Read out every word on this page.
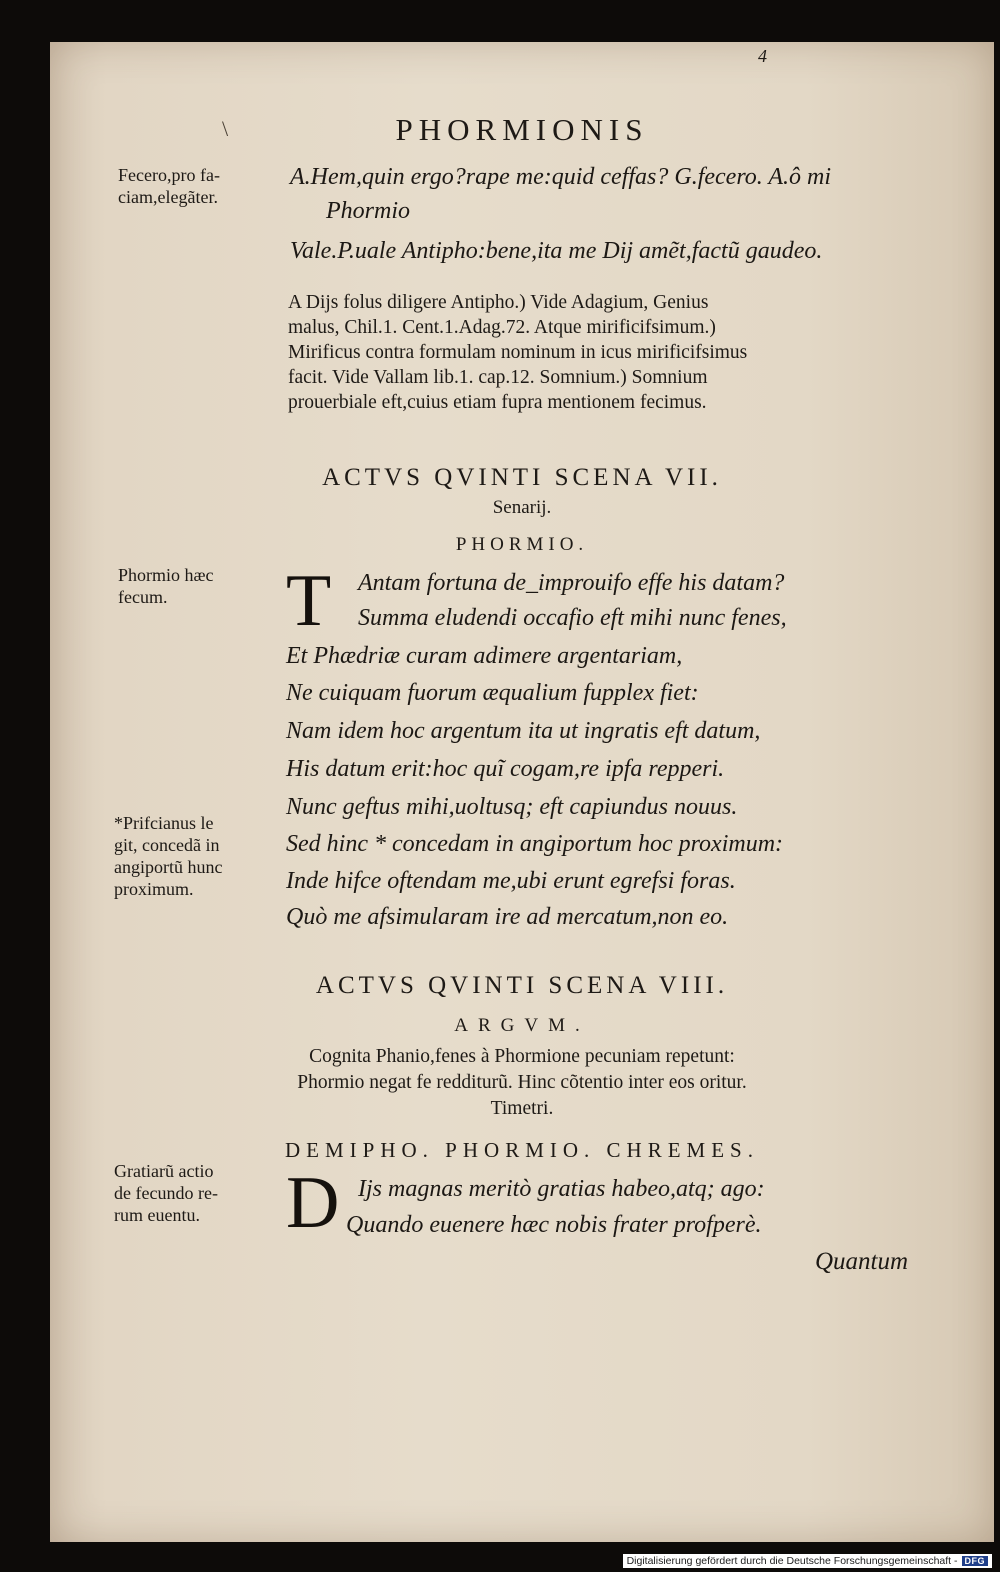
4
\	PHORMIONIS
Fecero,pro fa-
ciam,elegãter.
Phormio hæc
fecum.
*Prifcianus le
git, concedã in
angiportũ hunc
proximum.
Gratiarũ actio
de fecundo re-
rum euentu.
A.Hem,quin ergo?rape me:quid ceffas? G.fecero. A.ô mi
Phormio
Vale.P.uale Antipho:bene,ita me Dij amẽt,factũ gaudeo.
A Dijs folus diligere Antipho.) Vide Adagium, Genius
malus, Chil.1. Cent.1.Adag.72. Atque mirificifsimum.)
Mirificus contra formulam nominum in icus mirificifsimus
facit. Vide Vallam lib.1. cap.12. Somnium.) Somnium
prouerbiale eft,cuius etiam fupra mentionem fecimus.
ACTVS QVINTI SCENA VII.
Senarij.
PHORMIO.
T Antam fortuna de_improuifo effe his datam?
Summa eludendi occafio eft mihi nunc fenes,
Et Phædriæ curam adimere argentariam,
Ne cuiquam fuorum æqualium fupplex fiet:
Nam idem hoc argentum ita ut ingratis eft datum,
His datum erit:hoc quĩ cogam,re ipfa repperi.
Nunc geftus mihi,uoltusq; eft capiundus nouus.
Sed hinc * concedam in angiportum hoc proximum:
Inde hifce oftendam me,ubi erunt egrefsi foras.
Quò me afsimularam ire ad mercatum,non eo.
ACTVS QVINTI SCENA VIII.
ARGVM.
Cognita Phanio,fenes à Phormione pecuniam repetunt:
Phormio negat fe redditurũ. Hinc cõtentio inter eos oritur.
Timetri.
DEMIPHO. PHORMIO. CHREMES.
D Ijs magnas meritò gratias habeo,atq; ago:
Quando euenere hæc nobis frater profperè.
Quantum
Digitalisierung gefördert durch die Deutsche Forschungsgemeinschaft - DFG
